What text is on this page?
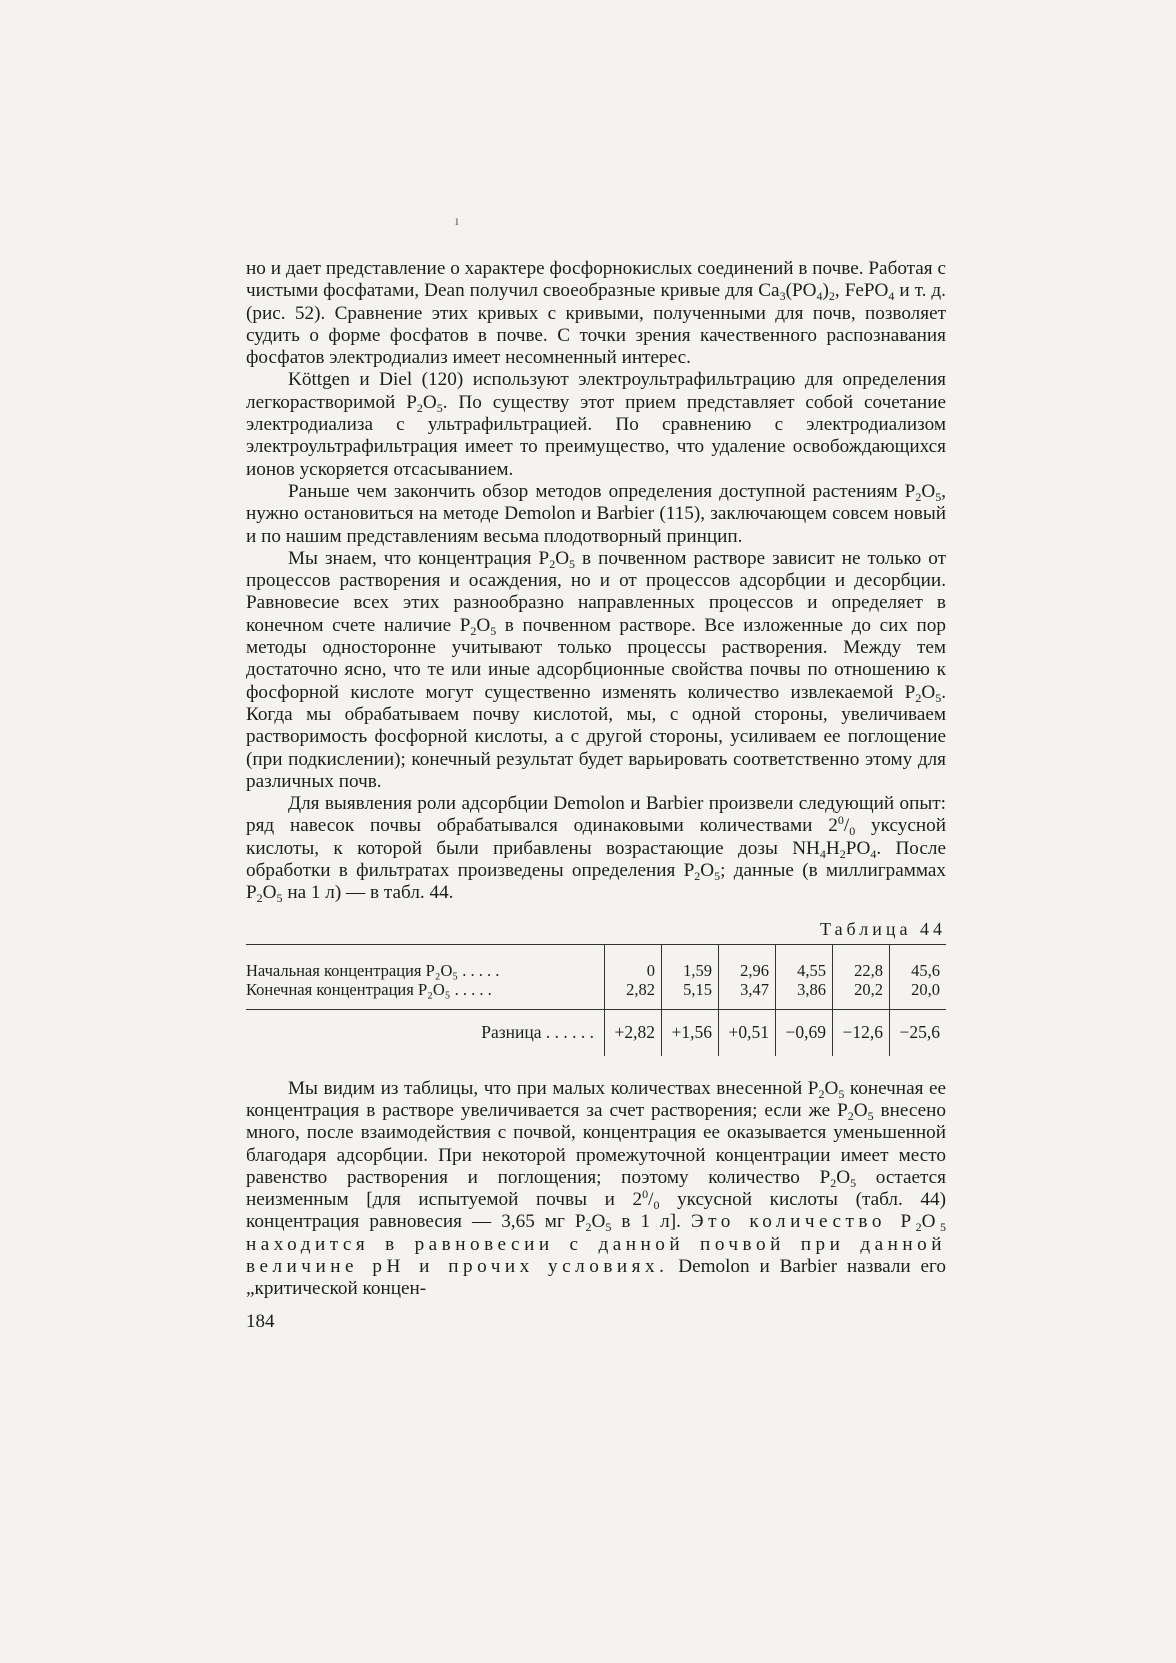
ı

но и дает представление о характере фосфорнокислых соединений в почве. Работая с чистыми фосфатами, Dean получил своеобразные кривые для $Ca_3(PO_4)_2$, FePO$_4$ и т. д. (рис. 52). Сравнение этих кривых с кривыми, полученными для почв, позволяет судить о форме фосфатов в почве. С точки зрения качественного распознавания фосфатов электродиализ имеет несомненный интерес.

Köttgen и Diel (120) используют электроультрафильтрацию для определения легкорастворимой $P_2O_5$. По существу этот прием представляет собой сочетание электродиализа с ультрафильтрацией. По сравнению с электродиализом электроультрафильтрация имеет то преимущество, что удаление освобождающихся ионов ускоряется отсасыванием.

Раньше чем закончить обзор методов определения доступной растениям $P_2O_5$, нужно остановиться на методе Demolon и Barbier (115), заключающем совсем новый и по нашим представлениям весьма плодотворный принцип.

Мы знаем, что концентрация $P_2O_5$ в почвенном растворе зависит не только от процессов растворения и осаждения, но и от процессов адсорбции и десорбции. Равновесие всех этих разнообразно направленных процессов и определяет в конечном счете наличие $P_2O_5$ в почвенном растворе. Все изложенные до сих пор методы односторонне учитывают только процессы растворения. Между тем достаточно ясно, что те или иные адсорбционные свойства почвы по отношению к фосфорной кислоте могут существенно изменять количество извлекаемой $P_2O_5$. Когда мы обрабатываем почву кислотой, мы, с одной стороны, увеличиваем растворимость фосфорной кислоты, а с другой стороны, усиливаем ее поглощение (при подкислении); конечный результат будет варьировать соответственно этому для различных почв.

Для выявления роли адсорбции Demolon и Barbier произвели следующий опыт: ряд навесок почвы обрабатывался одинаковыми количествами $2^0/_0$ уксусной кислоты, к которой были прибавлены возрастающие дозы $NH_4H_2PO_4$. После обработки в фильтратах произведены определения $P_2O_5$; данные (в миллиграммах $P_2O_5$ на 1 л) — в табл. 44.

Таблица 44

Начальная концентрация P₂O₅ . . . . .	0	1,59	2,96	4,55	22,8	45,6
Конечная концентрация P₂O₅ . . . . .	2,82	5,15	3,47	3,86	20,2	20,0

Разница . . . . . .	+2,82	+1,56	+0,51	−0,69	−12,6	−25,6

Мы видим из таблицы, что при малых количествах внесенной $P_2O_5$ конечная ее концентрация в растворе увеличивается за счет растворения; если же $P_2O_5$ внесено много, после взаимодействия с почвой, концентрация ее оказывается уменьшенной благодаря адсорбции. При некоторой промежуточной концентрации имеет место равенство растворения и поглощения; поэтому количество $P_2O_5$ остается неизменным [для испытуемой почвы и $2^0/_0$ уксусной кислоты (табл. 44) концентрация равновесия — 3,65 мг $P_2O_5$ в 1 л]. Это количество $P_2O_5$ находится в равновесии с данной почвой при данной величине pH и прочих условиях. Demolon и Barbier назвали его „критической концен-

184
